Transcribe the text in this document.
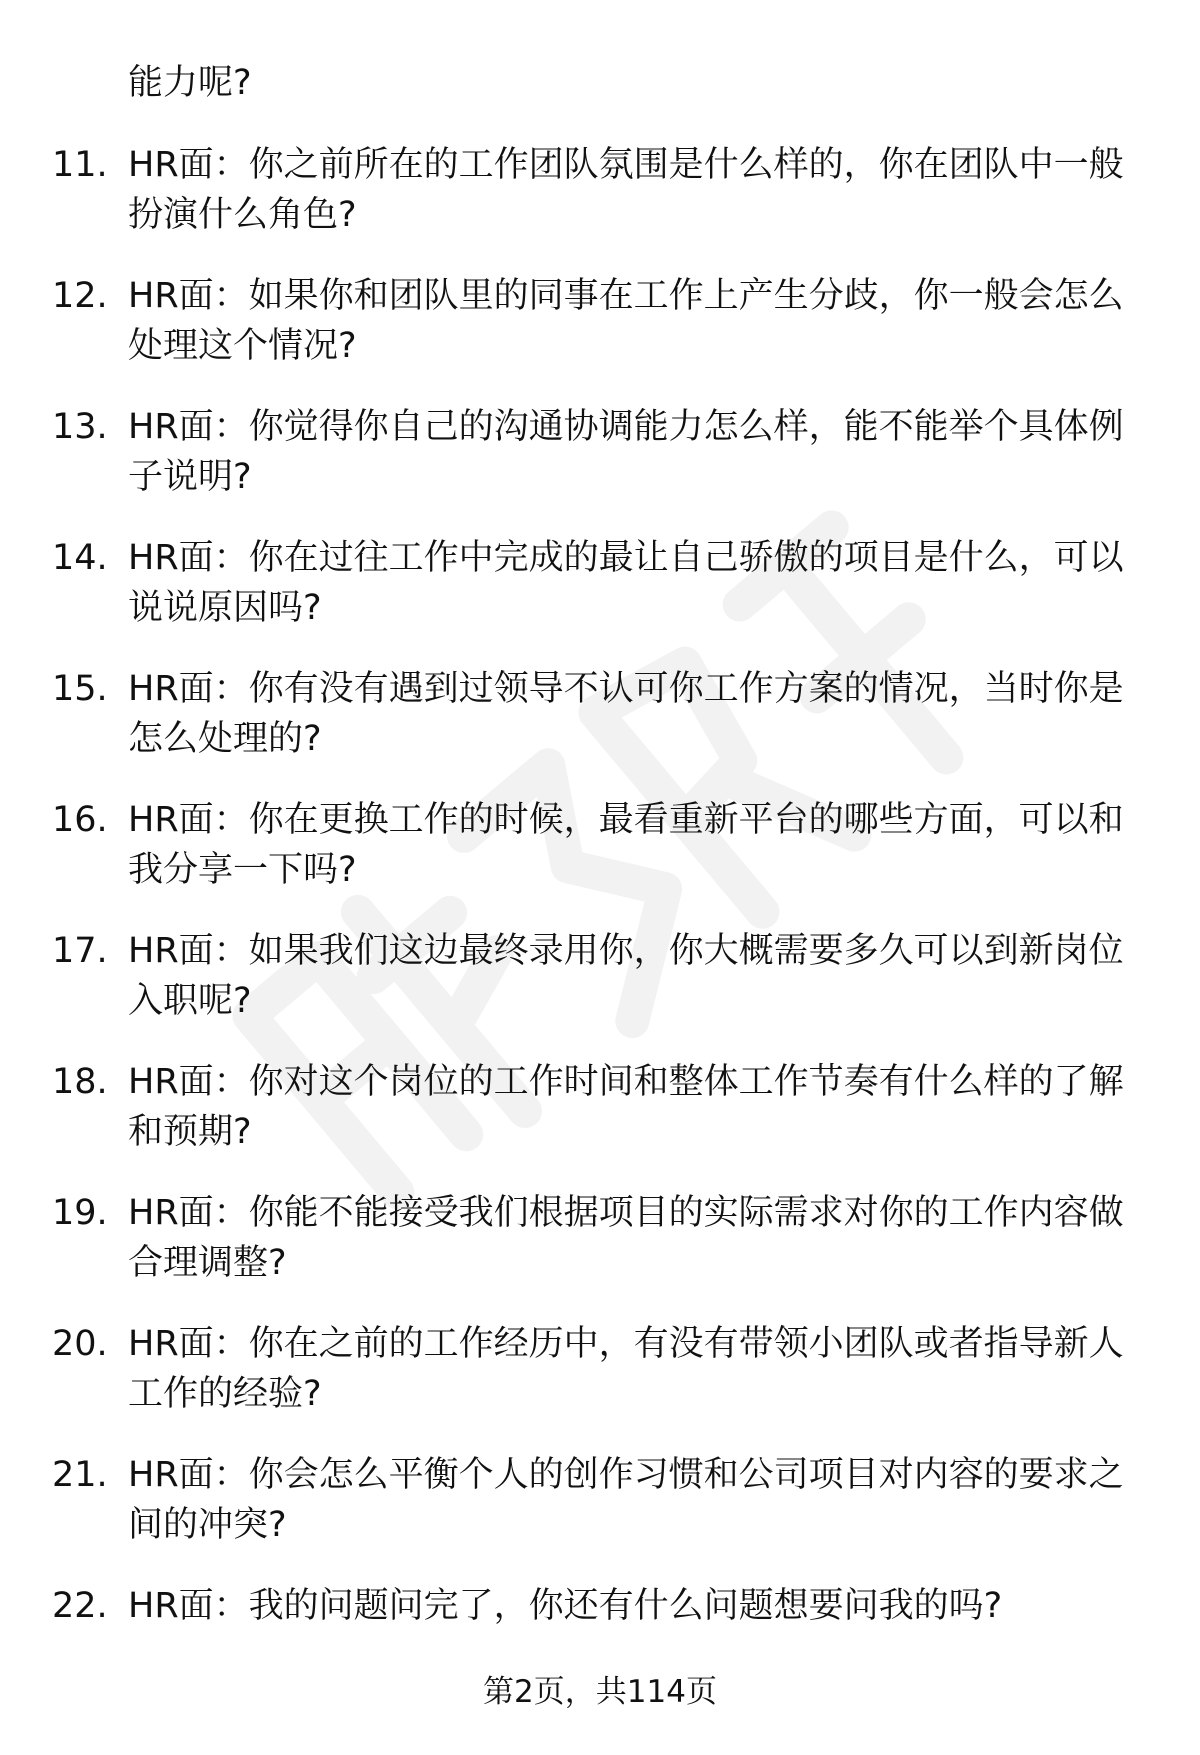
能力呢?

11. HR面：你之前所在的工作团队氛围是什么样的，你在团队中一般扮演什么角色?

12. HR面：如果你和团队里的同事在工作上产生分歧，你一般会怎么处理这个情况?

13. HR面：你觉得你自己的沟通协调能力怎么样，能不能举个具体例子说明?

14. HR面：你在过往工作中完成的最让自己骄傲的项目是什么，可以说说原因吗?

15. HR面：你有没有遇到过领导不认可你工作方案的情况，当时你是怎么处理的?

16. HR面：你在更换工作的时候，最看重新平台的哪些方面，可以和我分享一下吗?

17. HR面：如果我们这边最终录用你，你大概需要多久可以到新岗位入职呢?

18. HR面：你对这个岗位的工作时间和整体工作节奏有什么样的了解和预期?

19. HR面：你能不能接受我们根据项目的实际需求对你的工作内容做合理调整?

20. HR面：你在之前的工作经历中，有没有带领小团队或者指导新人工作的经验?

21. HR面：你会怎么平衡个人的创作习惯和公司项目对内容的要求之间的冲突?

22. HR面：我的问题问完了，你还有什么问题想要问我的吗?

第2页，共114页
